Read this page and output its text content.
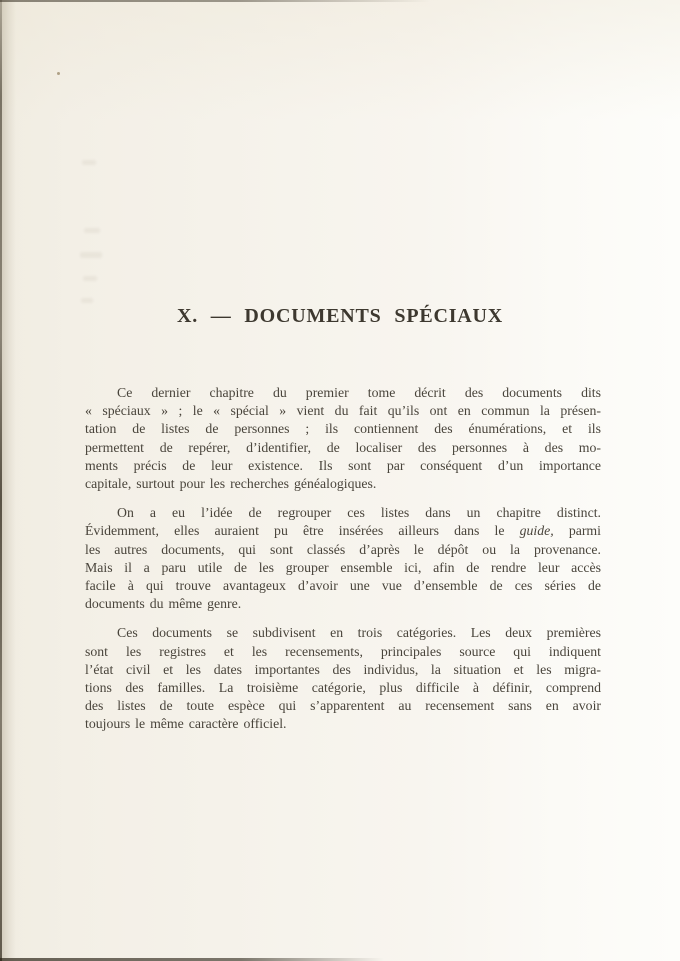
X. — DOCUMENTS SPÉCIAUX
Ce dernier chapitre du premier tome décrit des documents dits
« spéciaux » ; le « spécial » vient du fait qu’ils ont en commun la présen-
tation de listes de personnes ; ils contiennent des énumérations, et ils
permettent de repérer, d’identifier, de localiser des personnes à des mo-
ments précis de leur existence. Ils sont par conséquent d’un importance
capitale, surtout pour les recherches généalogiques.
On a eu l’idée de regrouper ces listes dans un chapitre distinct.
Évidemment, elles auraient pu être insérées ailleurs dans le guide, parmi
les autres documents, qui sont classés d’après le dépôt ou la provenance.
Mais il a paru utile de les grouper ensemble ici, afin de rendre leur accès
facile à qui trouve avantageux d’avoir une vue d’ensemble de ces séries de
documents du même genre.
Ces documents se subdivisent en trois catégories. Les deux premières
sont les registres et les recensements, principales source qui indiquent
l’état civil et les dates importantes des individus, la situation et les migra-
tions des familles. La troisième catégorie, plus difficile à définir, comprend
des listes de toute espèce qui s’apparentent au recensement sans en avoir
toujours le même caractère officiel.
